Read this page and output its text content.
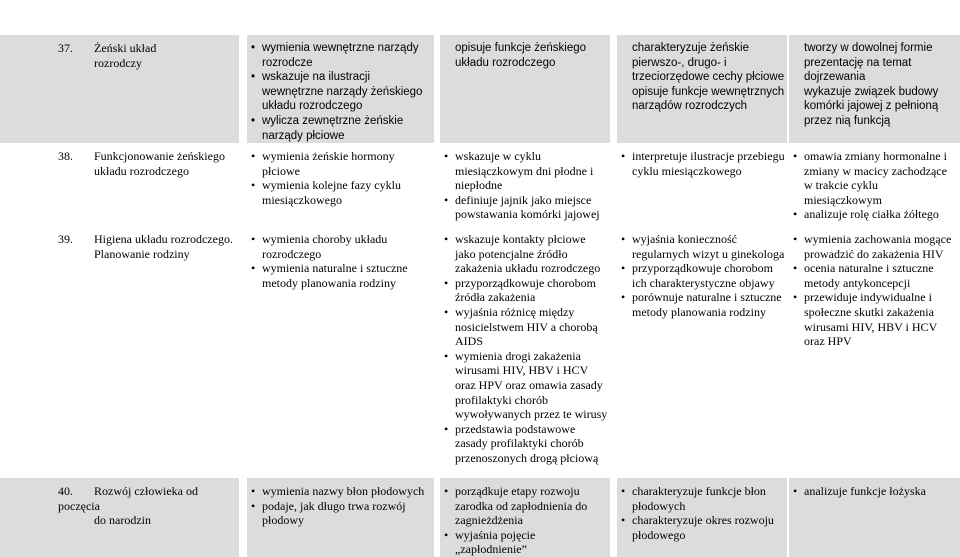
37. Żeński układ
rozrodczy
• wymienia wewnętrzne narządy rozrodcze
• wskazuje na ilustracji wewnętrzne narządy żeńskiego układu rozrodczego
• wylicza zewnętrzne żeńskie narządy płciowe
opisuje funkcje żeńskiego układu rozrodczego
charakteryzuje żeńskie pierwszo-, drugo- i trzeciorzędowe cechy płciowe
opisuje funkcje wewnętrznych narządów rozrodczych
tworzy w dowolnej formie prezentację na temat dojrzewania
wykazuje związek budowy komórki jajowej z pełnioną przez nią funkcją
38. Funkcjonowanie żeńskiego
układu rozrodczego
• wymienia żeńskie hormony płciowe
• wymienia kolejne fazy cyklu miesiączkowego
• wskazuje w cyklu miesiączkowym dni płodne i niepłodne
• definiuje jajnik jako miejsce powstawania komórki jajowej
• interpretuje ilustracje przebiegu cyklu miesiączkowego
• omawia zmiany hormonalne i zmiany w macicy zachodzące w trakcie cyklu miesiączkowym
• analizuje rolę ciałka żółtego
39. Higiena układu rozrodczego.
Planowanie rodziny
• wymienia choroby układu rozrodczego
• wymienia naturalne i sztuczne metody planowania rodziny
• wskazuje kontakty płciowe jako potencjalne źródło zakażenia układu rozrodczego
• przyporządkowuje chorobom źródła zakażenia
• wyjaśnia różnicę między nosicielstwem HIV a chorobą AIDS
• wymienia drogi zakażenia wirusami HIV, HBV i HCV oraz HPV oraz omawia zasady profilaktyki chorób wywoływanych przez te wirusy
• przedstawia podstawowe zasady profilaktyki chorób przenoszonych drogą płciową
• wyjaśnia konieczność regularnych wizyt u ginekologa
• przyporządkowuje chorobom ich charakterystyczne objawy
• porównuje naturalne i sztuczne metody planowania rodziny
• wymienia zachowania mogące prowadzić do zakażenia HIV
• ocenia naturalne i sztuczne metody antykoncepcji
• przewiduje indywidualne i społeczne skutki zakażenia wirusami HIV, HBV i HCV oraz HPV
40. Rozwój człowieka od poczęcia
do narodzin
• wymienia nazwy błon płodowych
• podaje, jak długo trwa rozwój płodowy
• porządkuje etapy rozwoju zarodka od zapłodnienia do zagnieżdżenia
• wyjaśnia pojęcie „zapłodnienie”
• charakteryzuje funkcje błon płodowych
• charakteryzuje okres rozwoju płodowego
• analizuje funkcje łożyska
